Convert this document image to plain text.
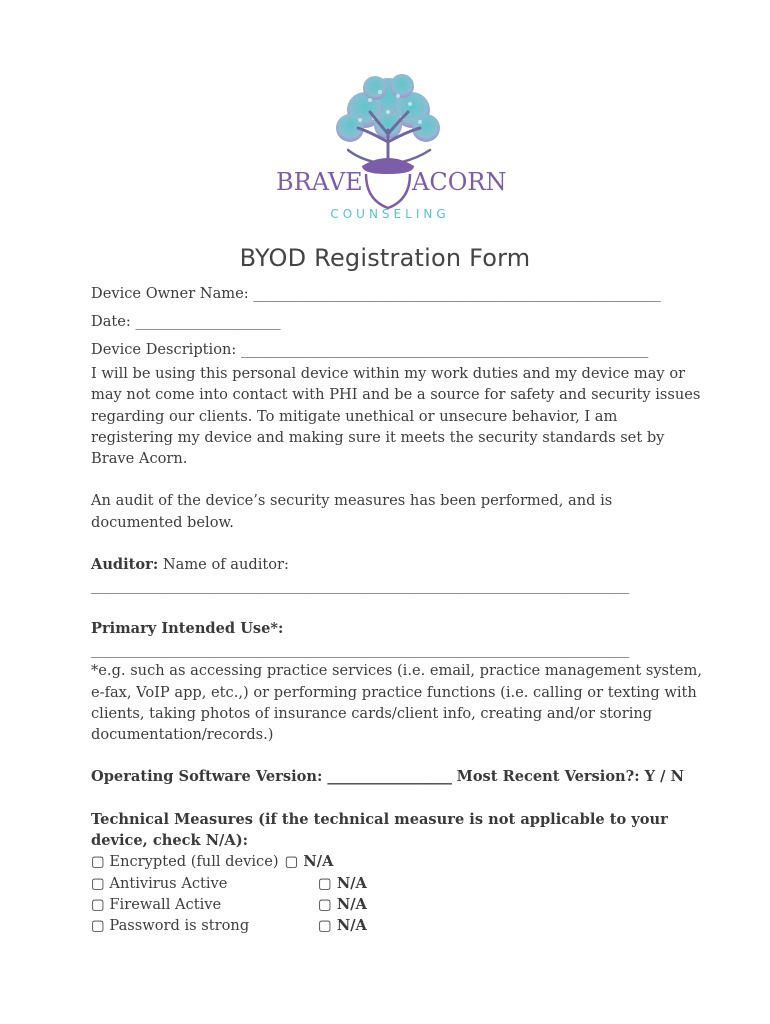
BRAVE ACORN
COUNSELING
BYOD Registration Form
Device Owner Name: ___________________________________________________________
Date: _____________________
Device Description: ___________________________________________________________
I will be using this personal device within my work duties and my device may or
may not come into contact with PHI and be a source for safety and security issues
regarding our clients. To mitigate unethical or unsecure behavior, I am
registering my device and making sure it meets the security standards set by
Brave Acorn.
An audit of the device’s security measures has been performed, and is
documented below.
Auditor: Name of auditor:
______________________________________________________________________________
Primary Intended Use*:
______________________________________________________________________________
*e.g. such as accessing practice services (i.e. email, practice management system,
e-fax, VoIP app, etc.,) or performing practice functions (i.e. calling or texting with
clients, taking photos of insurance cards/client info, creating and/or storing
documentation/records.)
Operating Software Version: __________________ Most Recent Version?: Y / N
Technical Measures (if the technical measure is not applicable to your
device, check N/A):
▢ Encrypted (full device) ▢ N/A
▢ Antivirus Active	▢ N/A
▢ Firewall Active	▢ N/A
▢ Password is strong	▢ N/A
